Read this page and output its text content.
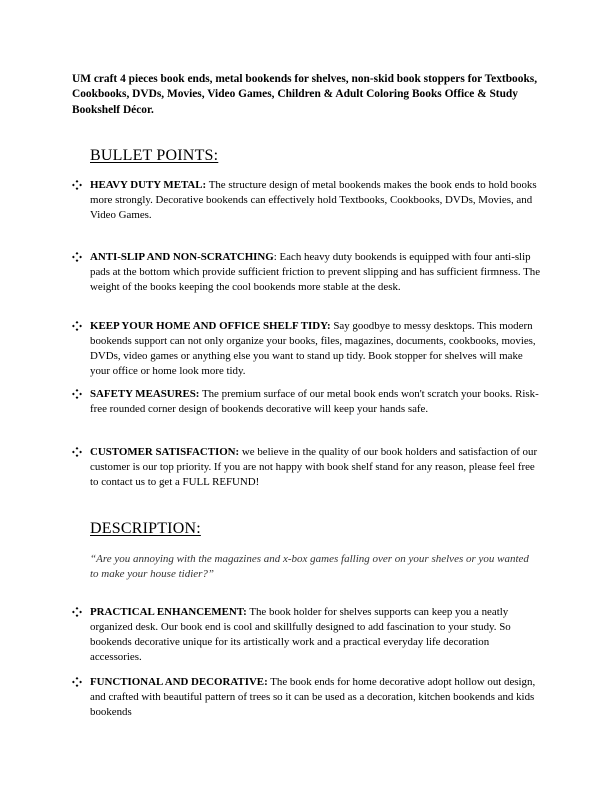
UM craft 4 pieces book ends, metal bookends for shelves, non-skid book stoppers for Textbooks, Cookbooks, DVDs, Movies, Video Games, Children & Adult Coloring Books Office & Study Bookshelf Décor.
BULLET POINTS:
HEAVY DUTY METAL: The structure design of metal bookends makes the book ends to hold books more strongly. Decorative bookends can effectively hold Textbooks, Cookbooks, DVDs, Movies, and Video Games.
ANTI-SLIP AND NON-SCRATCHING: Each heavy duty bookends is equipped with four anti-slip pads at the bottom which provide sufficient friction to prevent slipping and has sufficient firmness. The weight of the books keeping the cool bookends more stable at the desk.
KEEP YOUR HOME AND OFFICE SHELF TIDY: Say goodbye to messy desktops. This modern bookends support can not only organize your books, files, magazines, documents, cookbooks, movies, DVDs, video games or anything else you want to stand up tidy. Book stopper for shelves will make your office or home look more tidy.
SAFETY MEASURES: The premium surface of our metal book ends won't scratch your books. Risk-free rounded corner design of bookends decorative will keep your hands safe.
CUSTOMER SATISFACTION: we believe in the quality of our book holders and satisfaction of our customer is our top priority. If you are not happy with book shelf stand for any reason, please feel free to contact us to get a FULL REFUND!
DESCRIPTION:
“Are you annoying with the magazines and x-box games falling over on your shelves or you wanted to make your house tidier?”
PRACTICAL ENHANCEMENT: The book holder for shelves supports can keep you a neatly organized desk. Our book end is cool and skillfully designed to add fascination to your study. So bookends decorative unique for its artistically work and a practical everyday life decoration accessories.
FUNCTIONAL AND DECORATIVE: The book ends for home decorative adopt hollow out design, and crafted with beautiful pattern of trees so it can be used as a decoration, kitchen bookends and kids bookends
